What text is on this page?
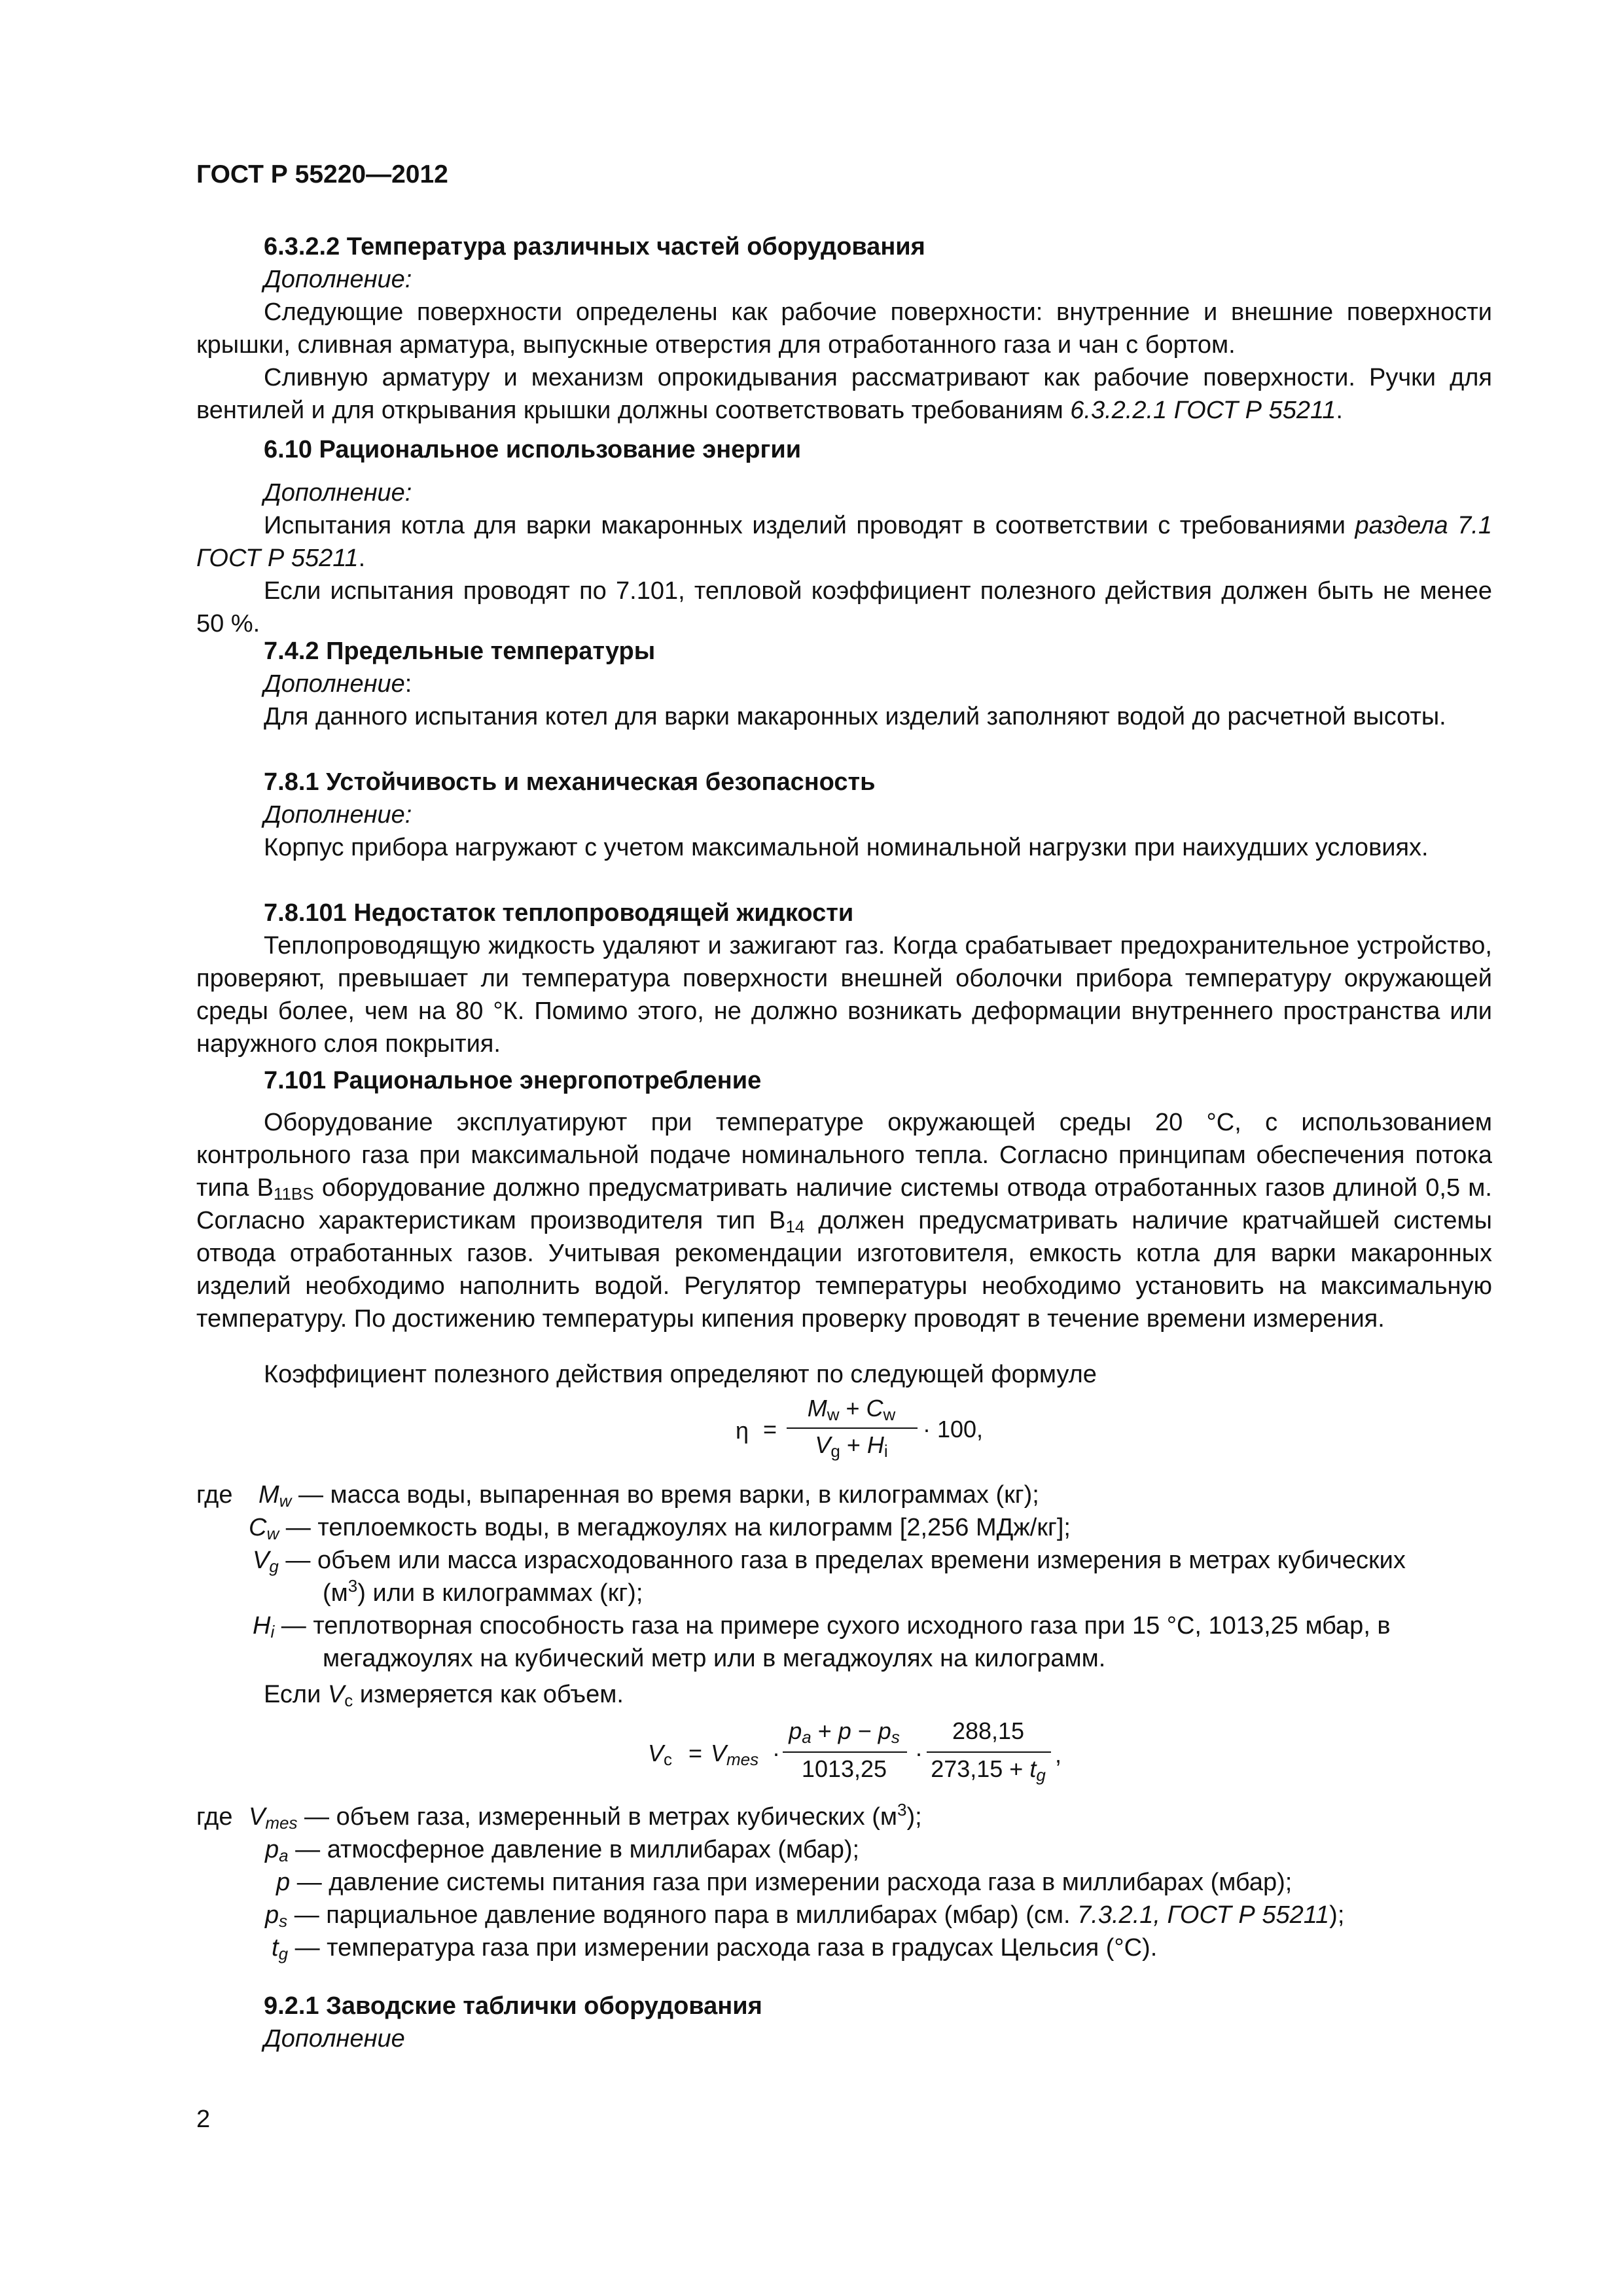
ГОСТ Р 55220—2012
6.3.2.2 Температура различных частей оборудования
Дополнение:
Следующие поверхности определены как рабочие поверхности: внутренние и внешние поверхности крышки, сливная арматура, выпускные отверстия для отработанного газа и чан с бортом.
Сливную арматуру и механизм опрокидывания рассматривают как рабочие поверхности. Ручки для вентилей и для открывания крышки должны соответствовать требованиям 6.3.2.2.1 ГОСТ Р 55211.
6.10 Рациональное использование энергии
Дополнение:
Испытания котла для варки макаронных изделий проводят в соответствии с требованиями раздела 7.1 ГОСТ Р 55211.
Если испытания проводят по 7.101, тепловой коэффициент полезного действия должен быть не менее 50 %.
7.4.2 Предельные температуры
Дополнение:
Для данного испытания котел для варки макаронных изделий заполняют водой до расчетной высоты.
7.8.1 Устойчивость и механическая безопасность
Дополнение:
Корпус прибора нагружают с учетом максимальной номинальной нагрузки при наихудших условиях.
7.8.101 Недостаток теплопроводящей жидкости
Теплопроводящую жидкость удаляют и зажигают газ. Когда срабатывает предохранительное устройство, проверяют, превышает ли температура поверхности внешней оболочки прибора температуру окружающей среды более, чем на 80 °К. Помимо этого, не должно возникать деформации внутреннего пространства или наружного слоя покрытия.
7.101 Рациональное энергопотребление
Оборудование эксплуатируют при температуре окружающей среды 20 °С, с использованием контрольного газа при максимальной подаче номинального тепла. Согласно принципам обеспечения потока типа $В_{11BS}$ оборудование должно предусматривать наличие системы отвода отработанных газов длиной 0,5 м. Согласно характеристикам производителя тип $В_{14}$ должен предусматривать наличие кратчайшей системы отвода отработанных газов. Учитывая рекомендации изготовителя, емкость котла для варки макаронных изделий необходимо наполнить водой. Регулятор температуры необходимо установить на максимальную температуру. По достижению температуры кипения проверку проводят в течение времени измерения.
Коэффициент полезного действия определяют по следующей формуле
η =
$M_w + C_w$
$V_g + H_i$
· 100,
где $M_w$ — масса воды, выпаренная во время варки, в килограммах (кг);
$C_w$ — теплоемкость воды, в мегаджоулях на килограмм [2,256 МДж/кг];
$V_g$ — объем или масса израсходованного газа в пределах времени измерения в метрах кубических
$(м^3)$ или в килограммах (кг);
$H_i$ — теплотворная способность газа на примере сухого исходного газа при 15 °С, 1013,25 мбар, в
мегаджоулях на кубический метр или в мегаджоулях на килограмм.
Если $V_c$ измеряется как объем.
$V_c = V_{mes}$ ·
$p_a + p - p_s$
1013,25
·
288,15
$273,15 + t_g$
,
где $V_{mes}$ — объем газа, измеренный в метрах кубических $(м^3)$;
$p_a$ — атмосферное давление в миллибарах (мбар);
p — давление системы питания газа при измерении расхода газа в миллибарах (мбар);
$p_s$ — парциальное давление водяного пара в миллибарах (мбар) (см. 7.3.2.1, ГОСТ Р 55211);
$t_g$ — температура газа при измерении расхода газа в градусах Цельсия (°С).
9.2.1 Заводские таблички оборудования
Дополнение
2
